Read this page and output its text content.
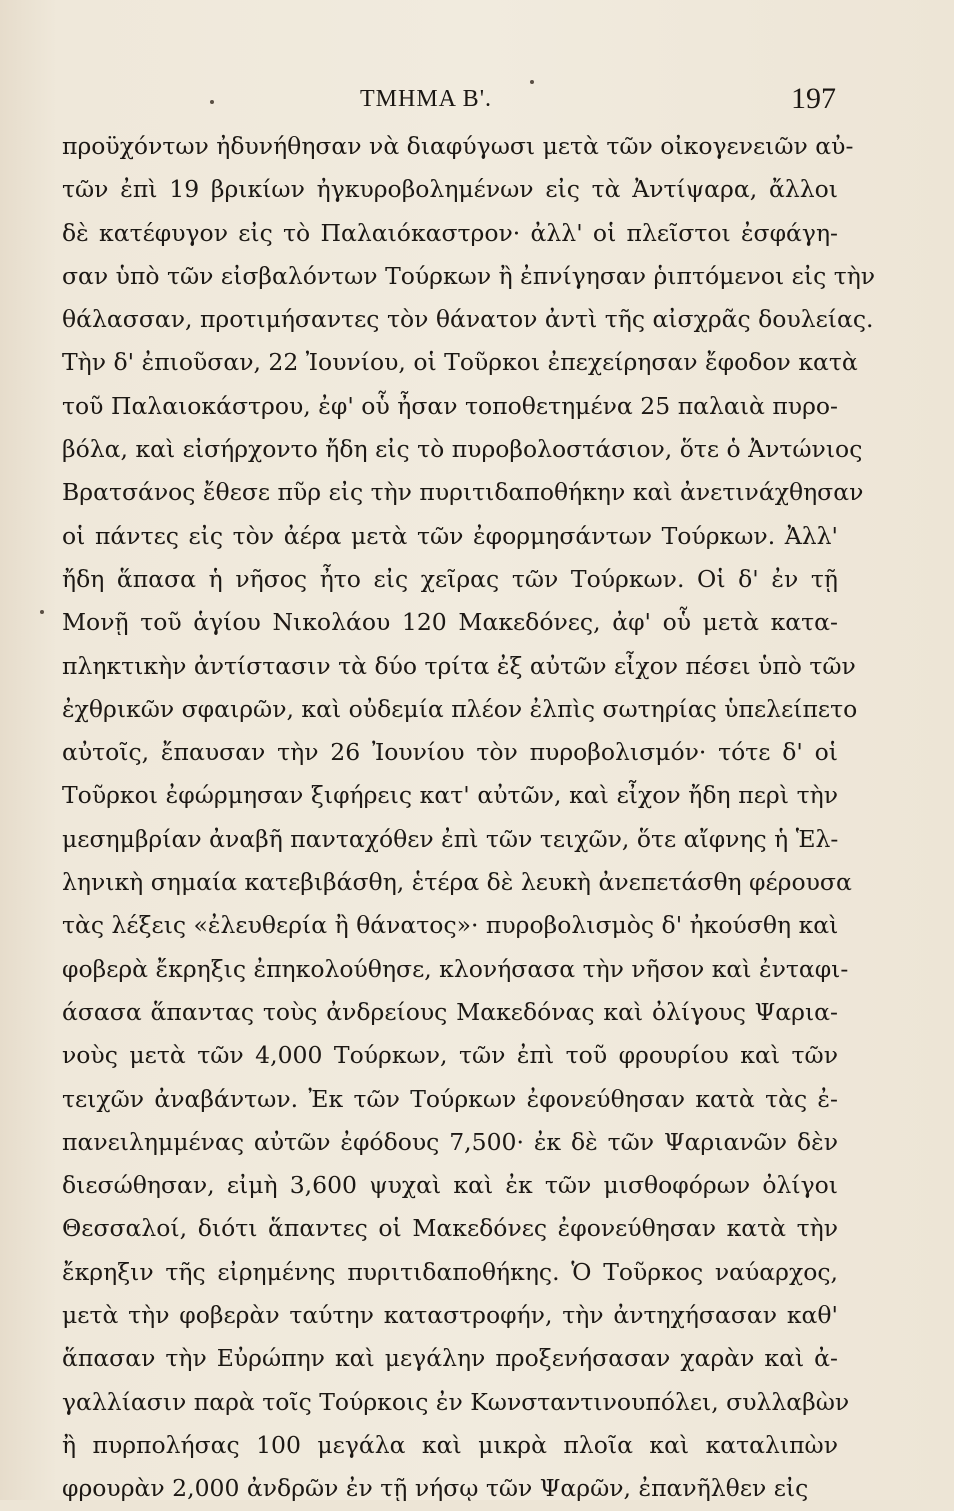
ΤΜΗΜΑ Β'.	197
προϋχόντων ἠδυνήθησαν νὰ διαφύγωσι μετὰ τῶν οἰκογενειῶν αὐ-
τῶν ἐπὶ 19 βρικίων ἠγκυροβολημένων εἰς τὰ Ἀντίψαρα, ἄλλοι
δὲ κατέφυγον εἰς τὸ Παλαιόκαστρον· ἀλλ' οἱ πλεῖστοι ἐσφάγη-
σαν ὑπὸ τῶν εἰσβαλόντων Τούρκων ἢ ἐπνίγησαν ῥιπτόμενοι εἰς τὴν
θάλασσαν, προτιμήσαντες τὸν θάνατον ἀντὶ τῆς αἰσχρᾶς δουλείας.
Τὴν δ' ἐπιοῦσαν, 22 Ἰουνίου, οἱ Τοῦρκοι ἐπεχείρησαν ἔφοδον κατὰ
τοῦ Παλαιοκάστρου, ἐφ' οὗ ἦσαν τοποθετημένα 25 παλαιὰ πυρο-
βόλα, καὶ εἰσήρχοντο ἤδη εἰς τὸ πυροβολοστάσιον, ὅτε ὁ Ἀντώνιος
Βρατσάνος ἔθεσε πῦρ εἰς τὴν πυριτιδαποθήκην καὶ ἀνετινάχθησαν
οἱ πάντες εἰς τὸν ἀέρα μετὰ τῶν ἐφορμησάντων Τούρκων. Ἀλλ'
ἤδη ἅπασα ἡ νῆσος ἦτο εἰς χεῖρας τῶν Τούρκων. Οἱ δ' ἐν τῇ
Μονῇ τοῦ ἁγίου Νικολάου 120 Μακεδόνες, ἀφ' οὗ μετὰ κατα-
πληκτικὴν ἀντίστασιν τὰ δύο τρίτα ἐξ αὐτῶν εἶχον πέσει ὑπὸ τῶν
ἐχθρικῶν σφαιρῶν, καὶ οὐδεμία πλέον ἐλπὶς σωτηρίας ὑπελείπετο
αὐτοῖς, ἔπαυσαν τὴν 26 Ἰουνίου τὸν πυροβολισμόν· τότε δ' οἱ
Τοῦρκοι ἐφώρμησαν ξιφήρεις κατ' αὐτῶν, καὶ εἶχον ἤδη περὶ τὴν
μεσημβρίαν ἀναβῆ πανταχόθεν ἐπὶ τῶν τειχῶν, ὅτε αἴφνης ἡ Ἑλ-
ληνικὴ σημαία κατεβιβάσθη, ἑτέρα δὲ λευκὴ ἀνεπετάσθη φέρουσα
τὰς λέξεις «ἐλευθερία ἢ θάνατος»· πυροβολισμὸς δ' ἠκούσθη καὶ
φοβερὰ ἔκρηξις ἐπηκολούθησε, κλονήσασα τὴν νῆσον καὶ ἐνταφι-
άσασα ἅπαντας τοὺς ἀνδρείους Μακεδόνας καὶ ὀλίγους Ψαρια-
νοὺς μετὰ τῶν 4,000 Τούρκων, τῶν ἐπὶ τοῦ φρουρίου καὶ τῶν
τειχῶν ἀναβάντων. Ἐκ τῶν Τούρκων ἐφονεύθησαν κατὰ τὰς ἐ-
πανειλημμένας αὐτῶν ἐφόδους 7,500· ἐκ δὲ τῶν Ψαριανῶν δὲν
διεσώθησαν, εἰμὴ 3,600 ψυχαὶ καὶ ἐκ τῶν μισθοφόρων ὀλίγοι
Θεσσαλοί, διότι ἅπαντες οἱ Μακεδόνες ἐφονεύθησαν κατὰ τὴν
ἔκρηξιν τῆς εἰρημένης πυριτιδαποθήκης. Ὁ Τοῦρκος ναύαρχος,
μετὰ τὴν φοβερὰν ταύτην καταστροφήν, τὴν ἀντηχήσασαν καθ'
ἅπασαν τὴν Εὐρώπην καὶ μεγάλην προξενήσασαν χαρὰν καὶ ἀ-
γαλλίασιν παρὰ τοῖς Τούρκοις ἐν Κωνσταντινουπόλει, συλλαβὼν
ἢ πυρπολήσας 100 μεγάλα καὶ μικρὰ πλοῖα καὶ καταλιπὼν
φρουρὰν 2,000 ἀνδρῶν ἐν τῇ νήσῳ τῶν Ψαρῶν, ἐπανῆλθεν εἰς
